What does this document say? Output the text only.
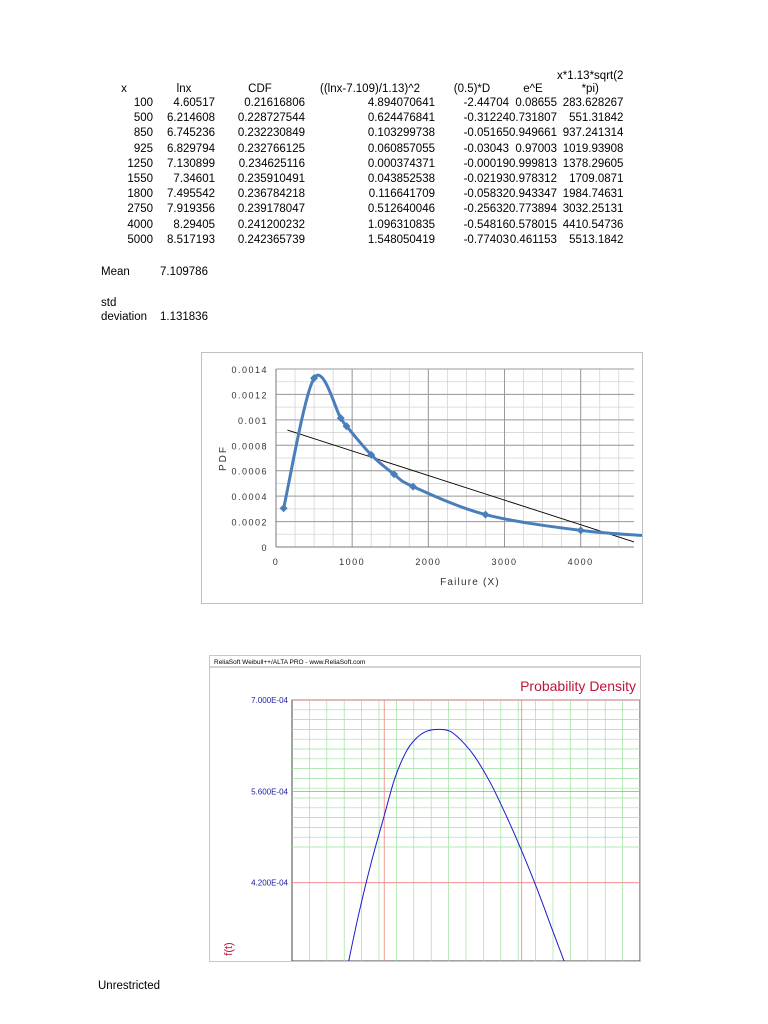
x	lnx	CDF	((lnx-7.109)/1.13)^2	(0.5)*D	e^E	x*1.13*sqrt(2
*pi)
100	4.60517	0.21616806	4.894070641	-2.44704	0.08655	283.628267
500	6.214608	0.228727544	0.624476841	-0.31224	0.731807	551.31842
850	6.745236	0.232230849	0.103299738	-0.05165	0.949661	937.241314
925	6.829794	0.232766125	0.060857055	-0.03043	0.97003	1019.93908
1250	7.130899	0.234625116	0.000374371	-0.00019	0.999813	1378.29605
1550	7.34601	0.235910491	0.043852538	-0.02193	0.978312	1709.0871
1800	7.495542	0.236784218	0.116641709	-0.05832	0.943347	1984.74631
2750	7.919356	0.239178047	0.512640046	-0.25632	0.773894	3032.25131
4000	8.29405	0.241200232	1.096310835	-0.54816	0.578015	4410.54736
5000	8.517193	0.242365739	1.548050419	-0.77403	0.461153	5513.1842
Mean	7.109786
std
deviation 1.131836
0
0.0002
0.0004
0.0006
0.0008
0.001
0.0012
0.0014
0	1000	2000	3000	4000
Failure (X)
PDF
ReliaSoft Weibull++/ALTA PRO - www.ReliaSoft.com
Probability Density
7.000E-04
5.600E-04
4.200E-04
f(t)
Unrestricted
